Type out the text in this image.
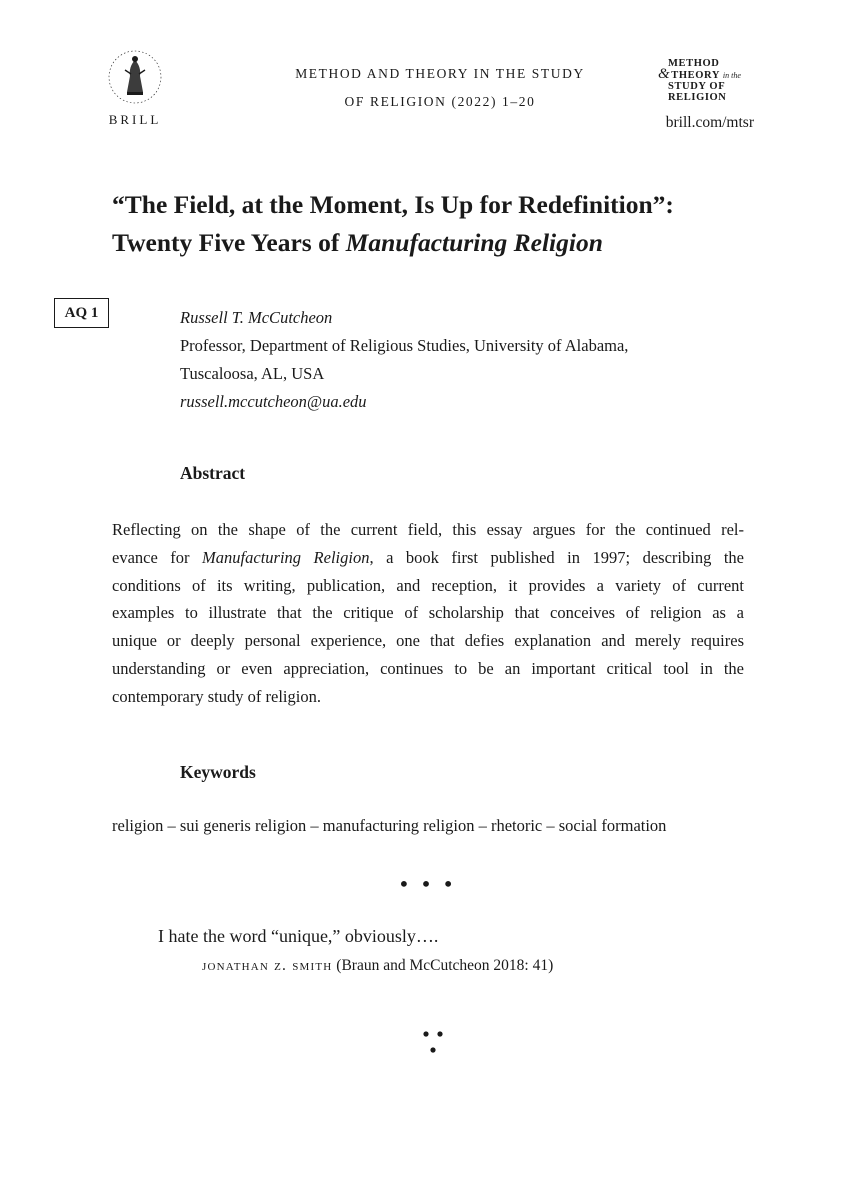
BRILL
METHOD AND THEORY IN THE STUDY
OF RELIGION (2022) 1–20
METHOD
&THEORY in the
STUDY OF
RELIGION
brill.com/mtsr
“The Field, at the Moment, Is Up for Redefinition”:
Twenty Five Years of Manufacturing Religion
AQ 1	Russell T. McCutcheon
Professor, Department of Religious Studies, University of Alabama,
Tuscaloosa, AL, USA
russell.mccutcheon@ua.edu
Abstract
Reflecting on the shape of the current field, this essay argues for the continued rel-
evance for Manufacturing Religion, a book first published in 1997; describing the
conditions of its writing, publication, and reception, it provides a variety of current
examples to illustrate that the critique of scholarship that conceives of religion as a
unique or deeply personal experience, one that defies explanation and merely requires
understanding or even appreciation, continues to be an important critical tool in the
contemporary study of religion.
Keywords
religion – sui generis religion – manufacturing religion – rhetoric – social formation
• • •
I hate the word “unique,” obviously….
jonathan z. smith (Braun and McCutcheon 2018: 41)
